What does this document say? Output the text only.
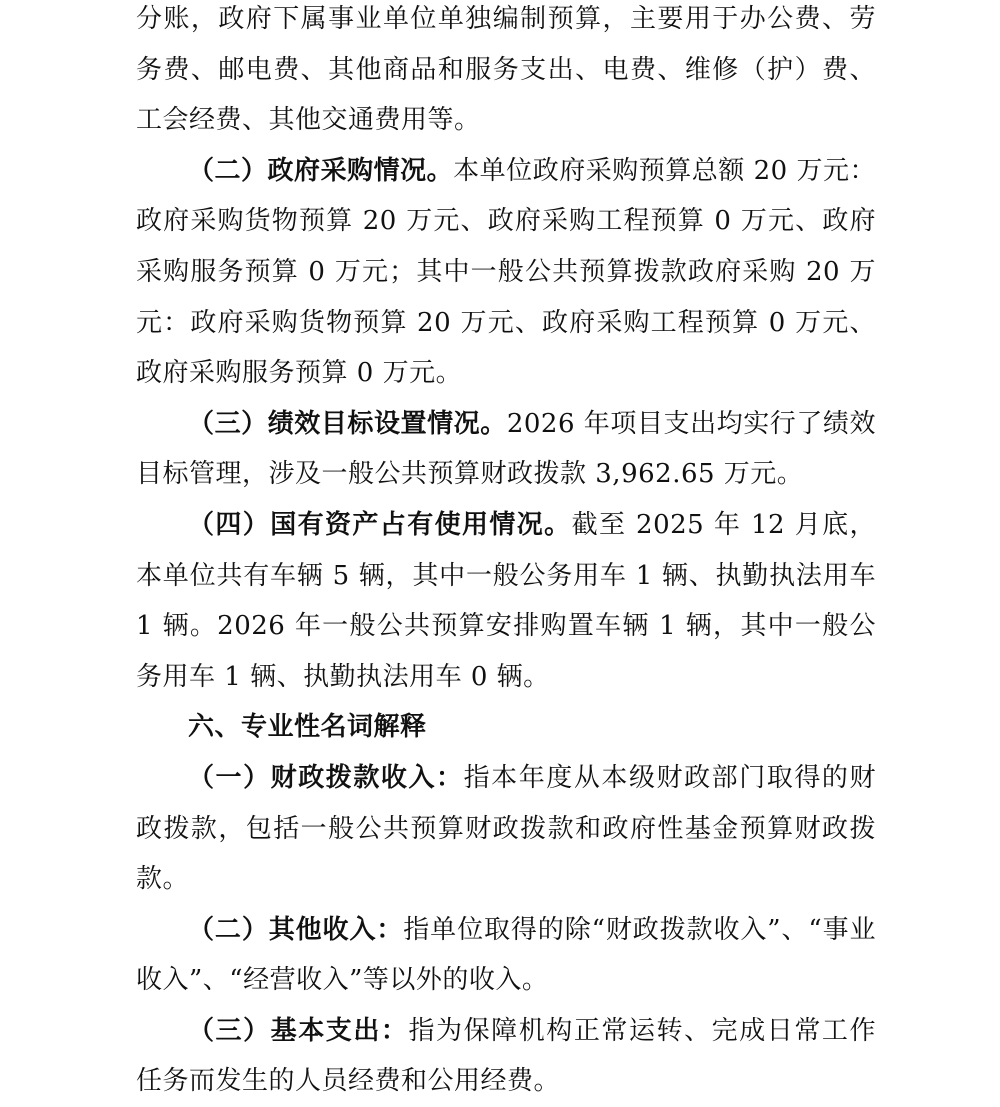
分账，政府下属事业单位单独编制预算，主要用于办公费、劳务费、邮电费、其他商品和服务支出、电费、维修（护）费、工会经费、其他交通费用等。

（二）政府采购情况。本单位政府采购预算总额 20 万元：政府采购货物预算 20 万元、政府采购工程预算 0 万元、政府采购服务预算 0 万元；其中一般公共预算拨款政府采购 20 万元：政府采购货物预算 20 万元、政府采购工程预算 0 万元、政府采购服务预算 0 万元。

（三）绩效目标设置情况。2026 年项目支出均实行了绩效目标管理，涉及一般公共预算财政拨款 3,962.65 万元。

（四）国有资产占有使用情况。截至 2025 年 12 月底，本单位共有车辆 5 辆，其中一般公务用车 1 辆、执勤执法用车 1 辆。2026 年一般公共预算安排购置车辆 1 辆，其中一般公务用车 1 辆、执勤执法用车 0 辆。

六、专业性名词解释

（一）财政拨款收入：指本年度从本级财政部门取得的财政拨款，包括一般公共预算财政拨款和政府性基金预算财政拨款。

（二）其他收入：指单位取得的除“财政拨款收入”、“事业收入”、“经营收入”等以外的收入。

（三）基本支出：指为保障机构正常运转、完成日常工作任务而发生的人员经费和公用经费。
